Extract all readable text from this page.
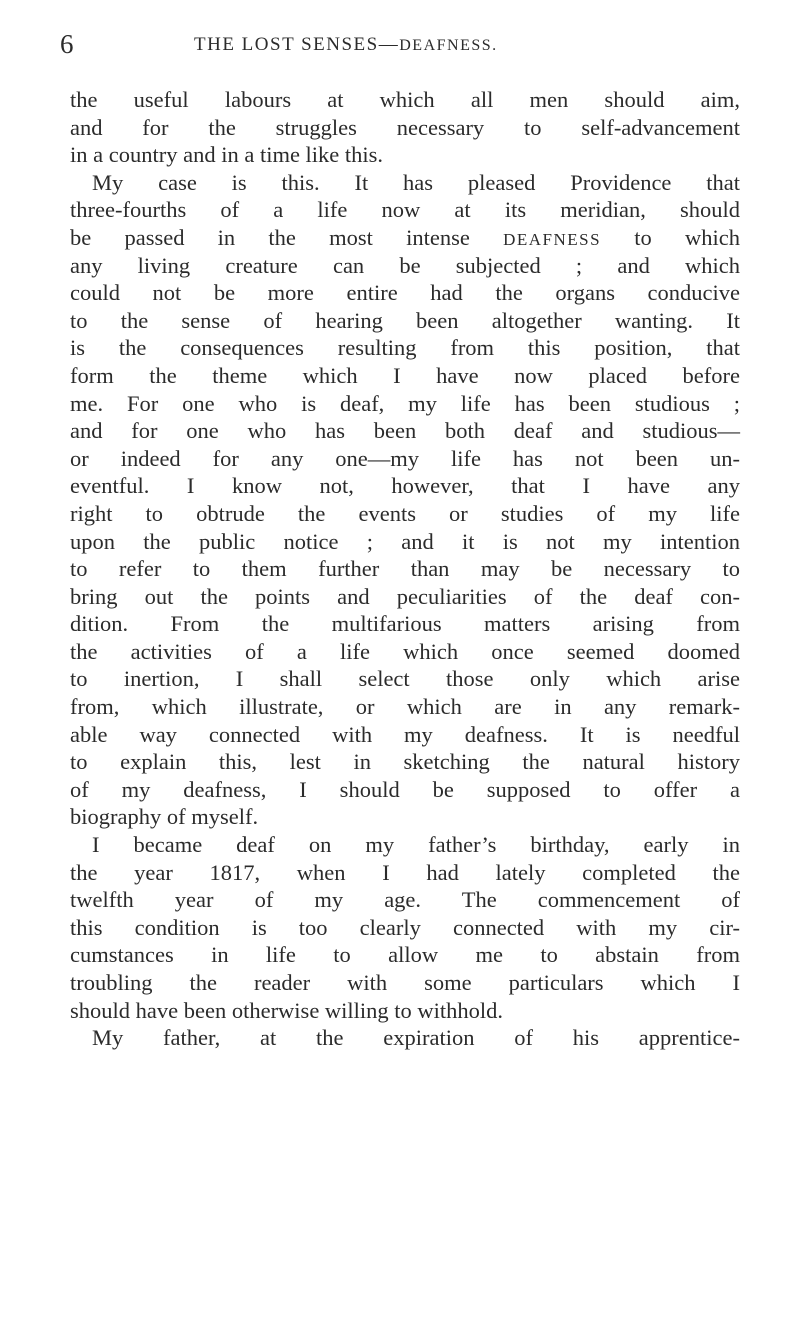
6	THE LOST SENSES—DEAFNESS.
the useful labours at which all men should aim,
and for the struggles necessary to self-advancement
in a country and in a time like this.
My case is this. It has pleased Providence that
three-fourths of a life now at its meridian, should
be passed in the most intense DEAFNESS to which
any living creature can be subjected ; and which
could not be more entire had the organs conducive
to the sense of hearing been altogether wanting. It
is the consequences resulting from this position, that
form the theme which I have now placed before
me. For one who is deaf, my life has been studious ;
and for one who has been both deaf and studious—
or indeed for any one—my life has not been un-
eventful. I know not, however, that I have any
right to obtrude the events or studies of my life
upon the public notice ; and it is not my intention
to refer to them further than may be necessary to
bring out the points and peculiarities of the deaf con-
dition. From the multifarious matters arising from
the activities of a life which once seemed doomed
to inertion, I shall select those only which arise
from, which illustrate, or which are in any remark-
able way connected with my deafness. It is needful
to explain this, lest in sketching the natural history
of my deafness, I should be supposed to offer a
biography of myself.
I became deaf on my father’s birthday, early in
the year 1817, when I had lately completed the
twelfth year of my age. The commencement of
this condition is too clearly connected with my cir-
cumstances in life to allow me to abstain from
troubling the reader with some particulars which I
should have been otherwise willing to withhold.
My father, at the expiration of his apprentice-
